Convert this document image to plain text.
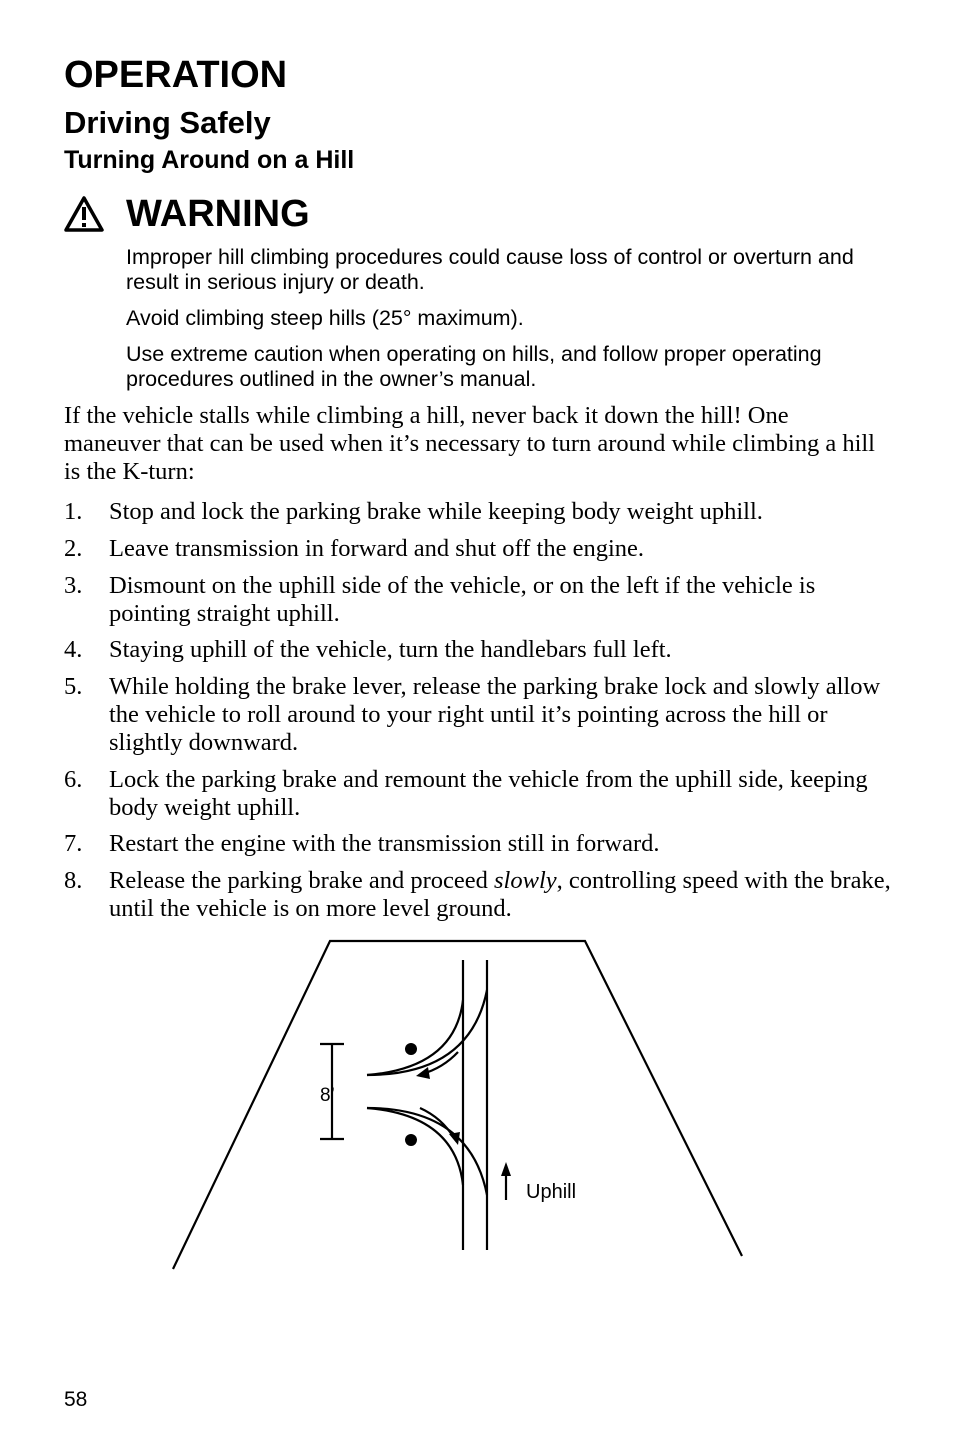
OPERATION
Driving Safely
Turning Around on a Hill
WARNING

Improper hill climbing procedures could cause loss of control or overturn and result in serious injury or death.

Avoid climbing steep hills (25° maximum).

Use extreme caution when operating on hills, and follow proper operating procedures outlined in the owner’s manual.

If the vehicle stalls while climbing a hill, never back it down the hill! One maneuver that can be used when it’s necessary to turn around while climbing a hill is the K-turn:

1.	Stop and lock the parking brake while keeping body weight uphill.
2.	Leave transmission in forward and shut off the engine.
3.	Dismount on the uphill side of the vehicle, or on the left if the vehicle is pointing straight uphill.
4.	Staying uphill of the vehicle, turn the handlebars full left.
5.	While holding the brake lever, release the parking brake lock and slowly allow the vehicle to roll around to your right until it’s pointing across the hill or slightly downward.
6.	Lock the parking brake and remount the vehicle from the uphill side, keeping body weight uphill.
7.	Restart the engine with the transmission still in forward.
8.	Release the parking brake and proceed slowly, controlling speed with the brake, until the vehicle is on more level ground.
8’
Uphill
58
